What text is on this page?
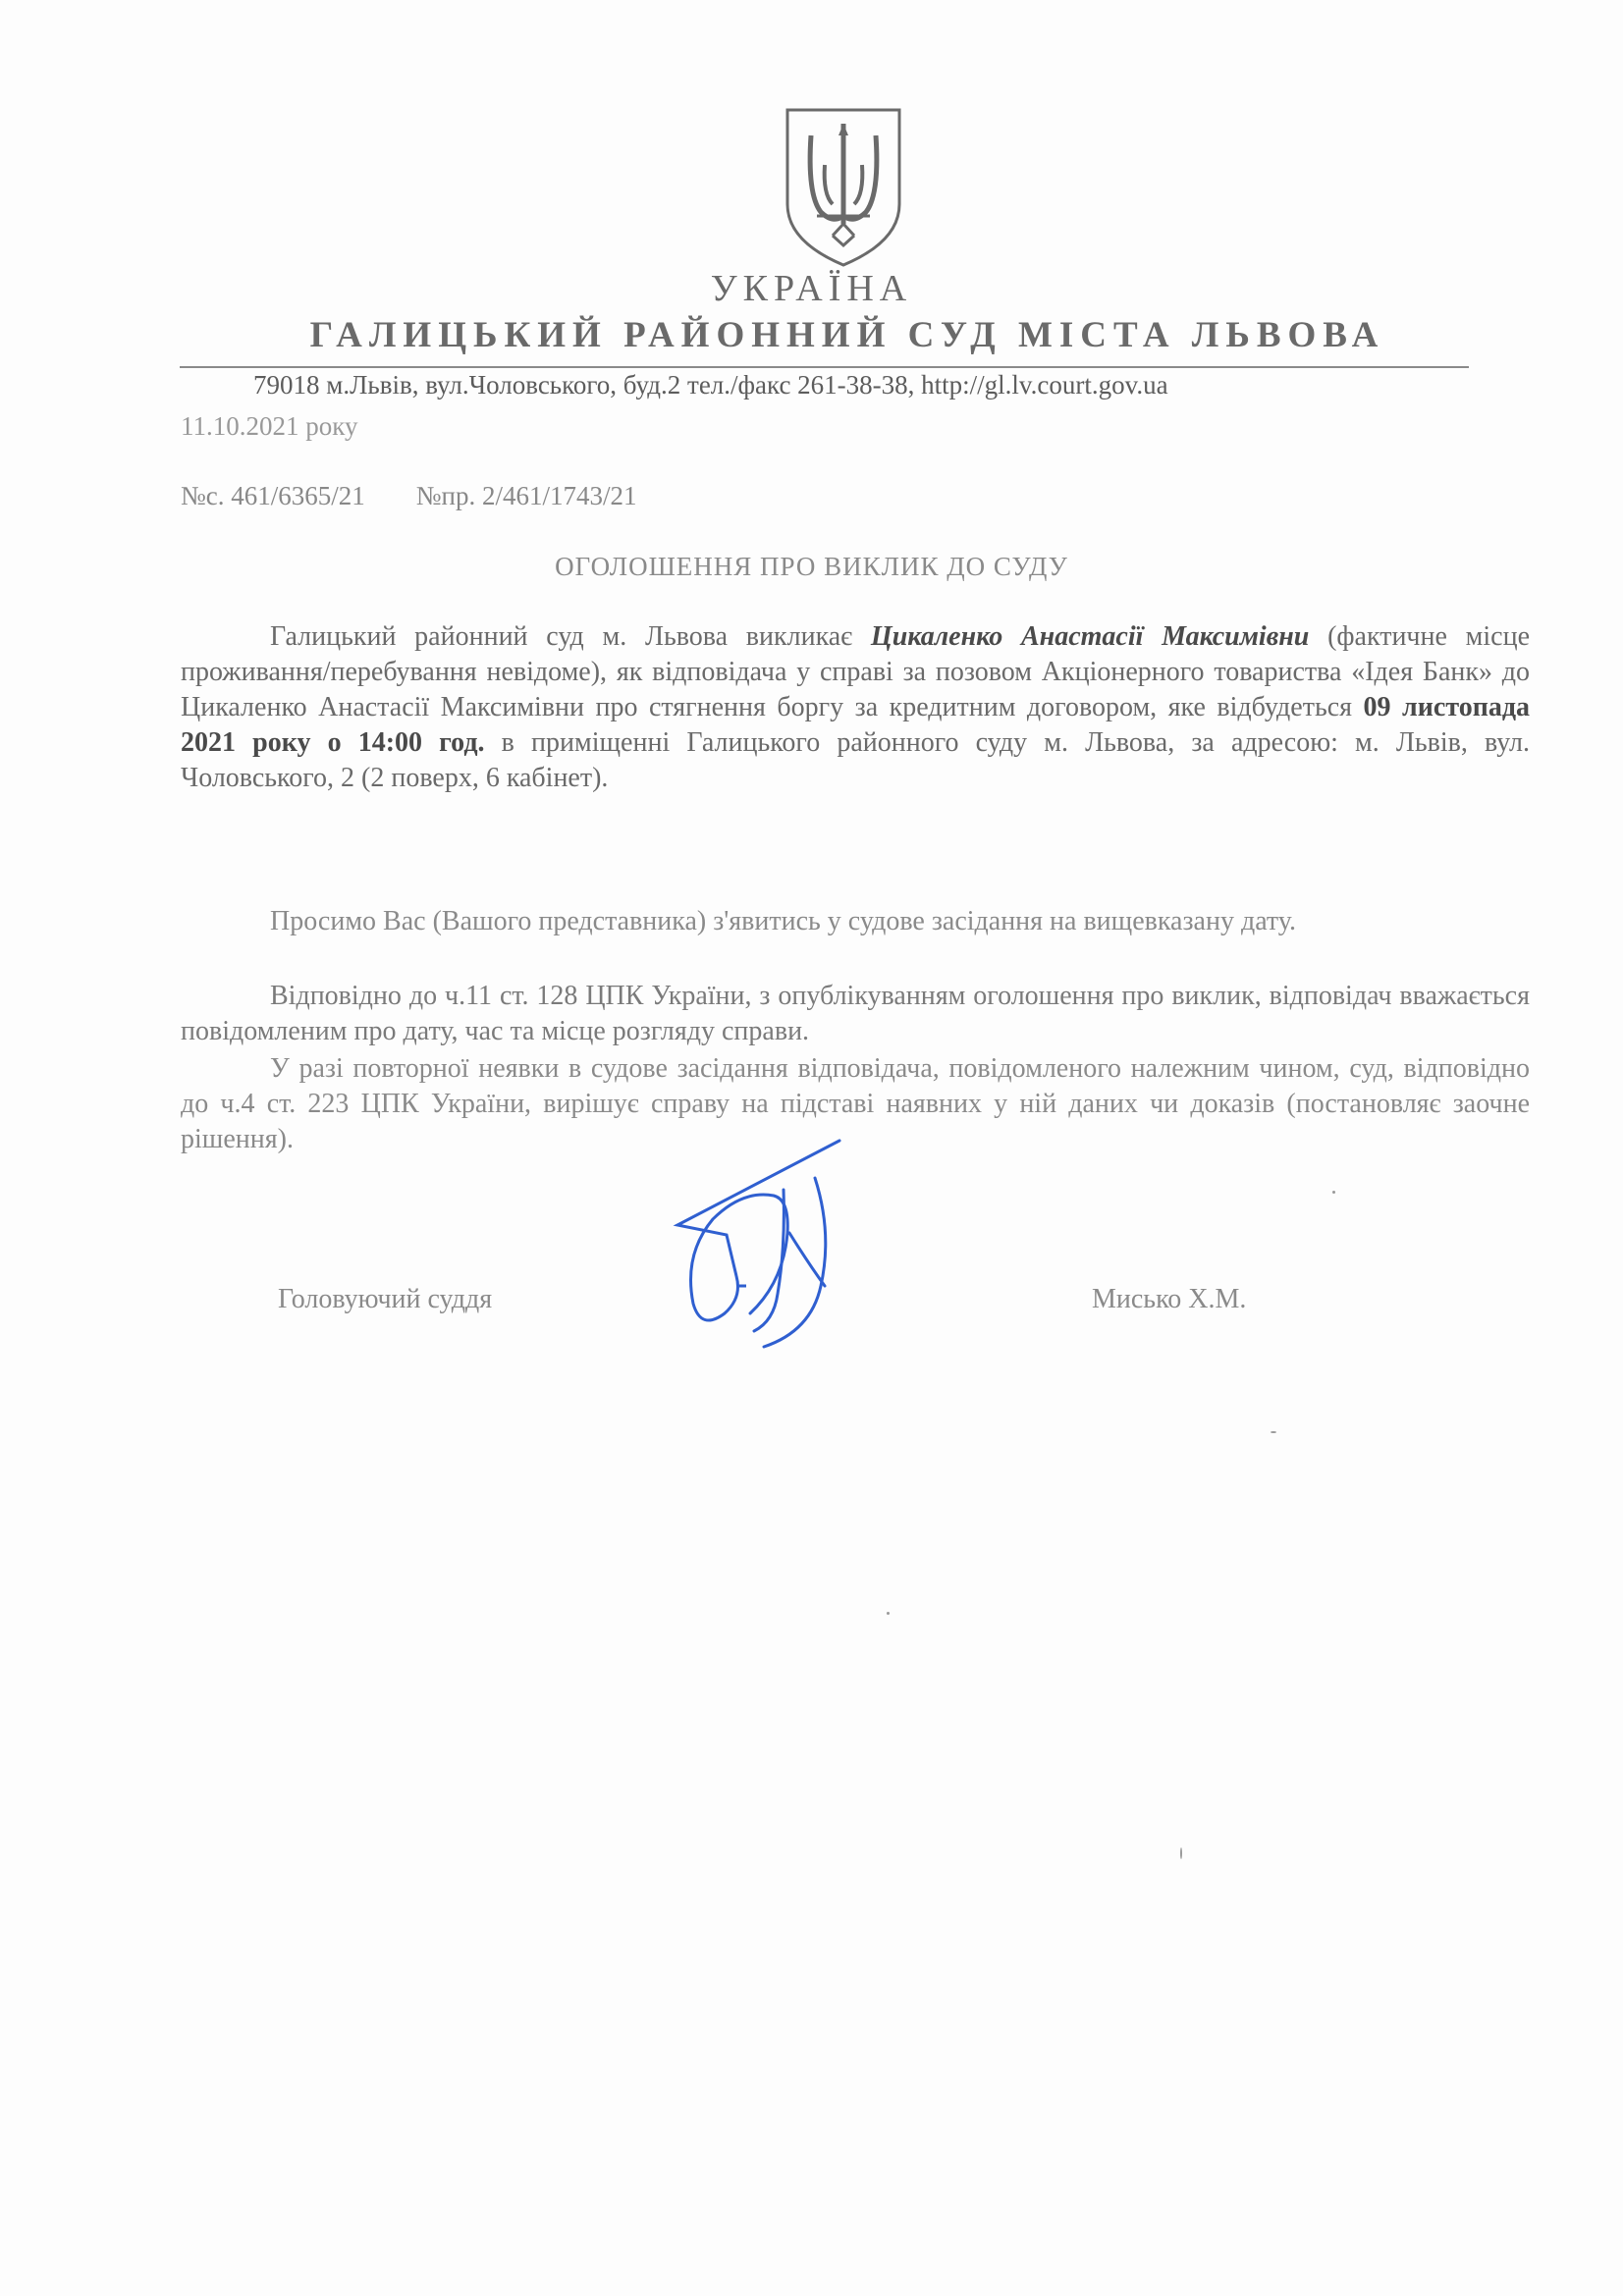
УКРАЇНА
ГАЛИЦЬКИЙ РАЙОННИЙ СУД МІСТА ЛЬВОВА
79018 м.Львів, вул.Чоловського, буд.2 тел./факс 261-38-38, http://gl.lv.court.gov.ua
11.10.2021 року
№с. 461/6365/21 №пр. 2/461/1743/21
ОГОЛОШЕННЯ ПРО ВИКЛИК ДО СУДУ
Галицький районний суд м. Львова викликає Цикаленко Анастасії Максимівни (фактичне місце проживання/перебування невідоме), як відповідача у справі за позовом Акціонерного товариства «Ідея Банк» до Цикаленко Анастасії Максимівни про стягнення боргу за кредитним договором, яке відбудеться 09 листопада 2021 року о 14:00 год. в приміщенні Галицького районного суду м. Львова, за адресою: м. Львів, вул. Чоловського, 2 (2 поверх, 6 кабінет).
Просимо Вас (Вашого представника) з'явитись у судове засідання на вищевказану дату.
Відповідно до ч.11 ст. 128 ЦПК України, з опублікуванням оголошення про виклик, відповідач вважається повідомленим про дату, час та місце розгляду справи.
У разі повторної неявки в судове засідання відповідача, повідомленого належним чином, суд, відповідно до ч.4 ст. 223 ЦПК України, вирішує справу на підставі наявних у ній даних чи доказів (постановляє заочне рішення).
Головуючий суддя	Мисько Х.М.
